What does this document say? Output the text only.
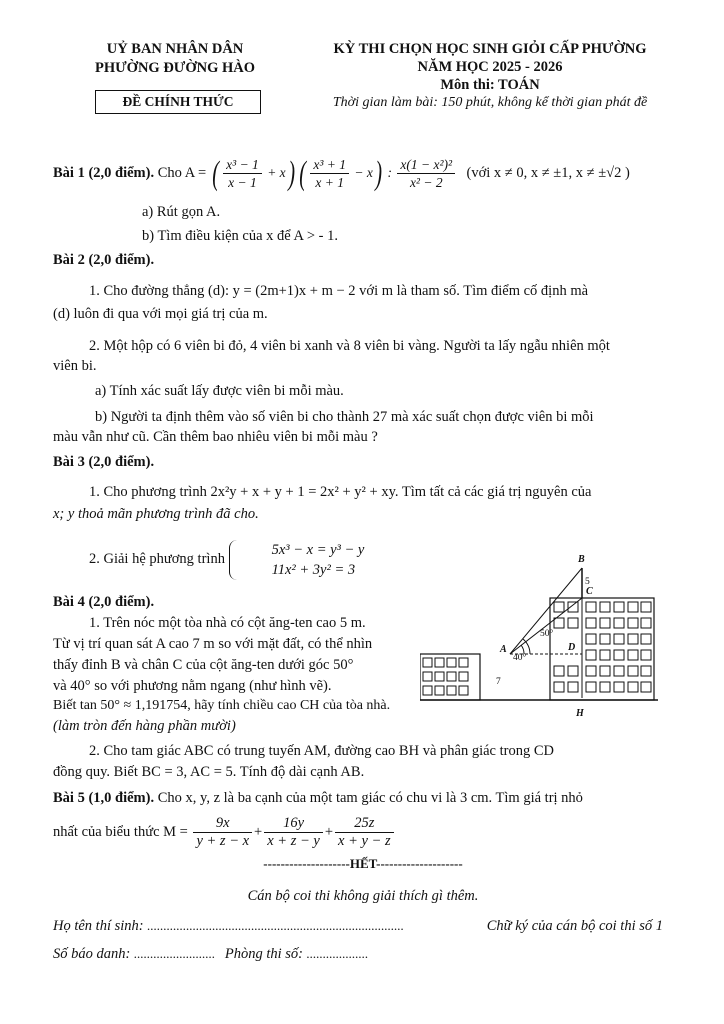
UỶ BAN NHÂN DÂN
PHƯỜNG ĐƯỜNG HÀO
ĐỀ CHÍNH THỨC
KỲ THI CHỌN HỌC SINH GIỎI CẤP PHƯỜNG
NĂM HỌC 2025 - 2026
Môn thi: TOÁN
Thời gian làm bài: 150 phút, không kể thời gian phát đề
Bài 1 (2,0 điểm). Cho A = ( $\frac{\text{x³ − 1}}{x - 1} + x$) ( $\frac{\text{x³ + 1}}{x + 1} - x$) : $\frac{\text{x(1 − x²)²}}{\text{x² − 2}}$ (với x ≠ 0, x ≠ ±1, x ≠ ±√2 )
a) Rút gọn A.
b) Tìm điều kiện của x để A > - 1.
Bài 2 (2,0 điểm).
1. Cho đường thẳng (d): y = (2m+1)x + m − 2 với m là tham số. Tìm điểm cố định mà
(d) luôn đi qua với mọi giá trị của m.
2. Một hộp có 6 viên bi đỏ, 4 viên bi xanh và 8 viên bi vàng. Người ta lấy ngẫu nhiên một
viên bi.
a) Tính xác suất lấy được viên bi mỗi màu.
b) Người ta định thêm vào số viên bi cho thành 27 mà xác suất chọn được viên bi mỗi
màu vẫn như cũ. Cần thêm bao nhiêu viên bi mỗi màu ?
Bài 3 (2,0 điểm).
1. Cho phương trình 2x²y + x + y + 1 = 2x² + y² + xy. Tìm tất cả các giá trị nguyên của
x; y thoả mãn phương trình đã cho.
2. Giải hệ phương trình
5x³ − x = y³ − y
11x² + 3y² = 3
Bài 4 (2,0 điểm).
1. Trên nóc một tòa nhà có cột ăng-ten cao 5 m.
Từ vị trí quan sát A cao 7 m so với mặt đất, có thể nhìn
thấy đỉnh B và chân C của cột ăng-ten dưới góc 50°
và 40° so với phương nằm ngang (như hình vẽ).
Biết tan 50° ≈ 1,191754, hãy tính chiều cao CH của tòa nhà.
(làm tròn đến hàng phần mười)
B
C
A	D
H
5
7
40°
50°
2. Cho tam giác ABC có trung tuyến AM, đường cao BH và phân giác trong CD
đồng quy. Biết BC = 3, AC = 5. Tính độ dài cạnh AB.
Bài 5 (1,0 điểm). Cho x, y, z là ba cạnh của một tam giác có chu vi là 3 cm. Tìm giá trị nhỏ
nhất của biểu thức $M = \frac{9x}{y + z - x} + \frac{16y}{x + z - y} + \frac{25z}{x + y - z}$
--------------------HẾT--------------------
Cán bộ coi thi không giải thích gì thêm.
Họ tên thí sinh: ...............................................................................	Chữ ký của cán bộ coi thi số 1
Số báo danh: ......................... Phòng thi số: ...................
